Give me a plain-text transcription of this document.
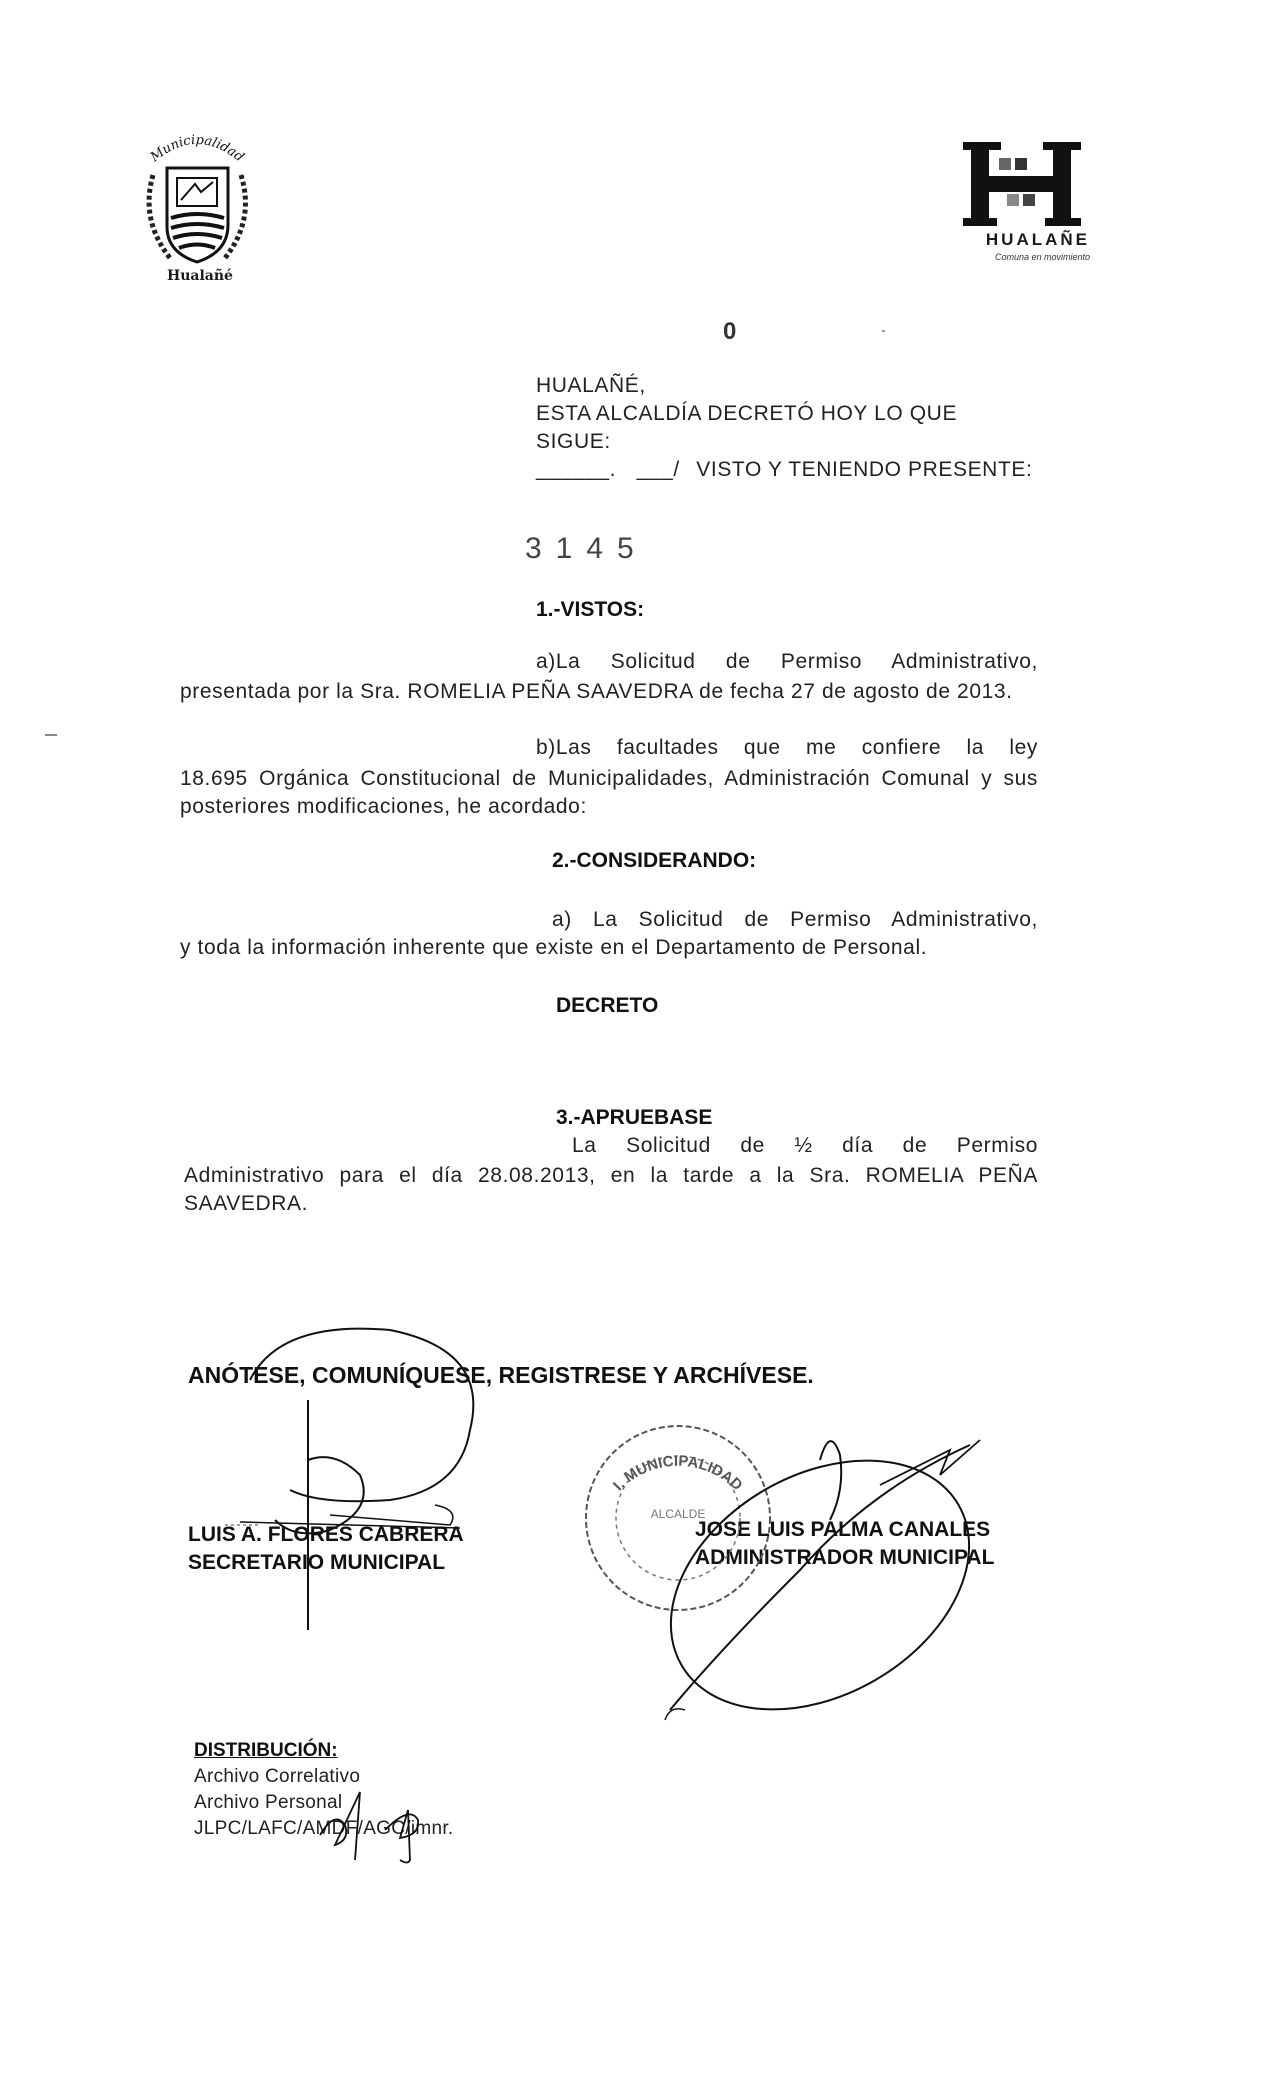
Municipalidad
Hualañé
HUALAÑE
Comuna en movimiento
0
HUALAÑÉ,
ESTA ALCALDÍA DECRETÓ HOY LO QUE
SIGUE:
______. ___/ VISTO Y TENIENDO PRESENTE:
3145
1.-VISTOS:
a)La Solicitud de Permiso Administrativo,
presentada por la Sra. ROMELIA PEÑA SAAVEDRA de fecha 27 de agosto de 2013.
b)Las facultades que me confiere la ley
18.695 Orgánica Constitucional de Municipalidades, Administración Comunal y sus posteriores modificaciones, he acordado:
2.-CONSIDERANDO:
a) La Solicitud de Permiso Administrativo,
y toda la información inherente que existe en el Departamento de Personal.
DECRETO
3.-APRUEBASE
La Solicitud de ½ día de Permiso
Administrativo para el día 28.08.2013, en la tarde a la Sra. ROMELIA PEÑA SAAVEDRA.
ANÓTESE, COMUNÍQUESE, REGISTRESE Y ARCHÍVESE.
LUIS A. FLORES CABRERA
SECRETARIO MUNICIPAL
JOSE LUIS PALMA CANALES
ADMINISTRADOR MUNICIPAL
I. MUNICIPALIDAD
ALCALDE
DISTRIBUCIÓN:
Archivo Correlativo
Archivo Personal
JLPC/LAFC/AMDF/AGC/imnr.
